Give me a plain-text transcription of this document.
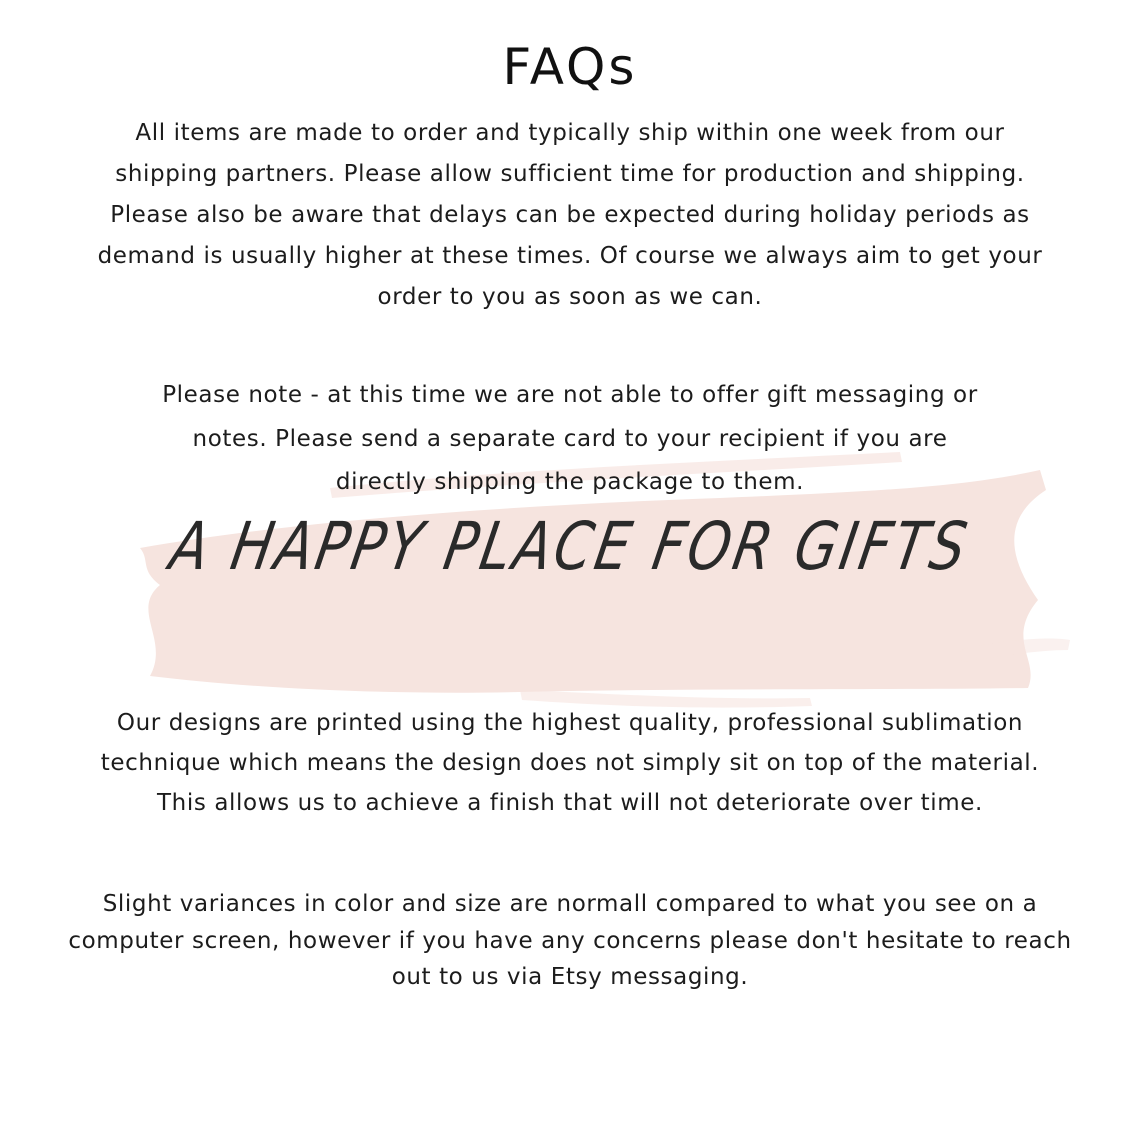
FAQs
All items are made to order and typically ship within one week from our
shipping partners. Please allow sufficient time for production and shipping.
Please also be aware that delays can be expected during holiday periods as
demand is usually higher at these times. Of course we always aim to get your
order to you as soon as we can.
Please note - at this time we are not able to offer gift messaging or
notes. Please send a separate card to your recipient if you are
directly shipping the package to them.
A HAPPY PLACE FOR GIFTS
Our designs are printed using the highest quality, professional sublimation
technique which means the design does not simply sit on top of the material.
This allows us to achieve a finish that will not deteriorate over time.
Slight variances in color and size are normall compared to what you see on a
computer screen, however if you have any concerns please don't hesitate to reach
out to us via Etsy messaging.
